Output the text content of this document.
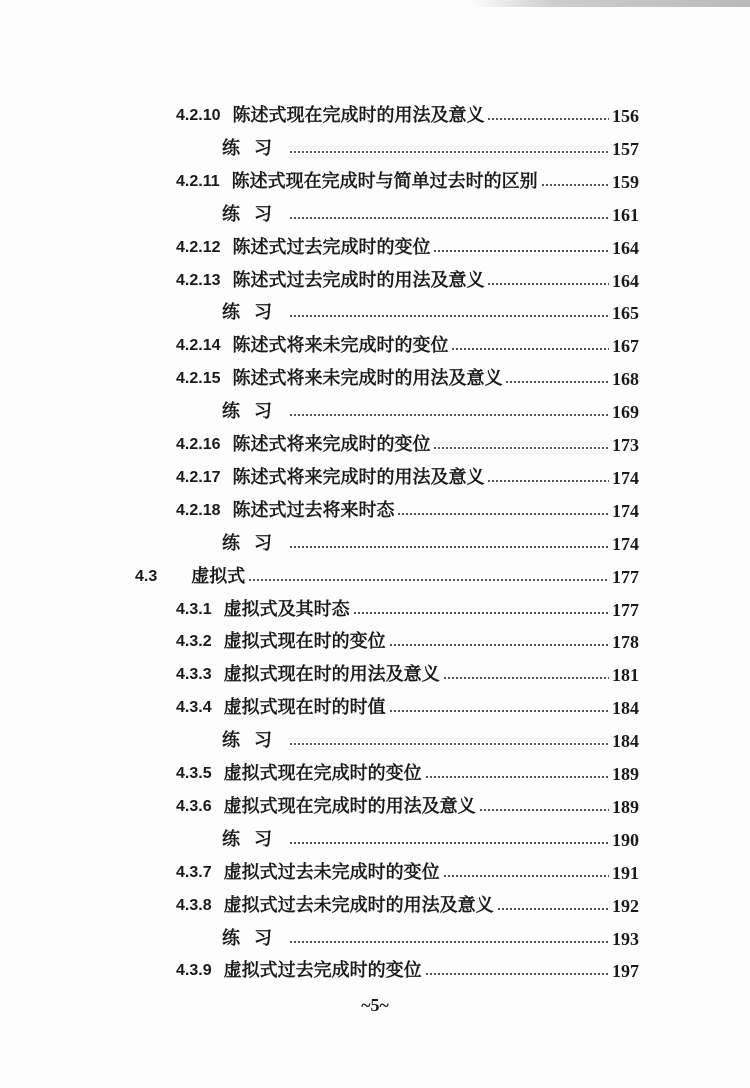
4.2.10 陈述式现在完成时的用法及意义	156
练习	157
4.2.11 陈述式现在完成时与简单过去时的区别	159
练习	161
4.2.12 陈述式过去完成时的变位	164
4.2.13 陈述式过去完成时的用法及意义	164
练习	165
4.2.14 陈述式将来未完成时的变位	167
4.2.15 陈述式将来未完成时的用法及意义	168
练习	169
4.2.16 陈述式将来完成时的变位	173
4.2.17 陈述式将来完成时的用法及意义	174
4.2.18 陈述式过去将来时态	174
练习	174
4.3 虚拟式	177
4.3.1 虚拟式及其时态	177
4.3.2 虚拟式现在时的变位	178
4.3.3 虚拟式现在时的用法及意义	181
4.3.4 虚拟式现在时的时值	184
练习	184
4.3.5 虚拟式现在完成时的变位	189
4.3.6 虚拟式现在完成时的用法及意义	189
练习	190
4.3.7 虚拟式过去未完成时的变位	191
4.3.8 虚拟式过去未完成时的用法及意义	192
练习	193
4.3.9 虚拟式过去完成时的变位	197
~5~
